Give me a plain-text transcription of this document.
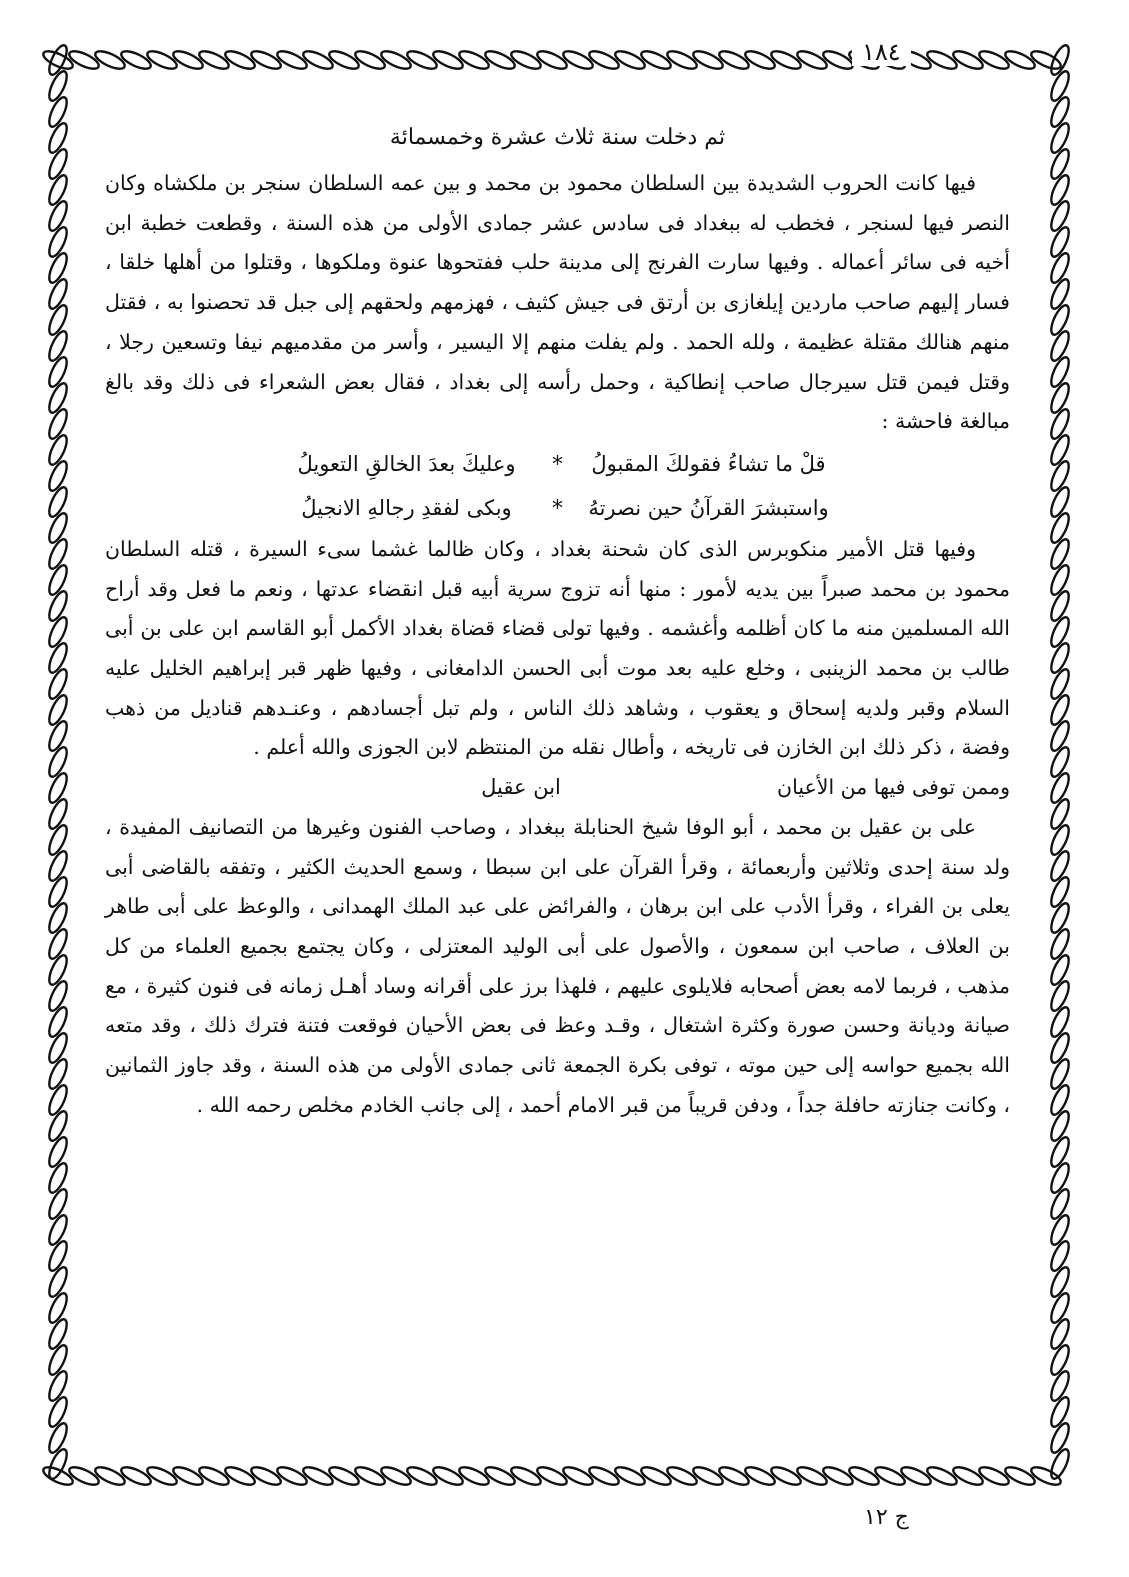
١٨٤

ثم دخلت سنة ثلاث عشرة وخمسمائة

فيها كانت الحروب الشديدة بين السلطان محمود بن محمد و بين عمه السلطان سنجر بن ملكشاه وكان النصر فيها لسنجر ، فخطب له ببغداد فى سادس عشر جمادى الأولى من هذه السنة ، وقطعت خطبة ابن أخيه فى سائر أعماله . وفيها سارت الفرنج إلى مدينة حلب ففتحوها عنوة وملكوها ، وقتلوا من أهلها خلقا ، فسار إليهم صاحب ماردين إيلغازى بن أرتق فى جيش كثيف ، فهزمهم ولحقهم إلى جبل قد تحصنوا به ، فقتل منهم هنالك مقتلة عظيمة ، ولله الحمد . ولم يفلت منهم إلا اليسير ، وأسر من مقدميهم نيفا وتسعين رجلا ، وقتل فيمن قتل سيرجال صاحب إنطاكية ، وحمل رأسه إلى بغداد ، فقال بعض الشعراء فى ذلك وقد بالغ مبالغة فاحشة :

قلْ ما تشاءُ فقولكَ المقبولُ
*
وعليكَ بعدَ الخالقِ التعويلُ
واستبشرَ القرآنُ حين نصرتهُ
*
وبكى لفقدِ رجالهِ الانجيلُ

وفيها قتل الأمير منكوبرس الذى كان شحنة بغداد ، وكان ظالما غشما سىء السيرة ، قتله السلطان محمود بن محمد صبراً بين يديه لأمور : منها أنه تزوج سرية أبيه قبل انقضاء عدتها ، ونعم ما فعل وقد أراح الله المسلمين منه ما كان أظلمه وأغشمه . وفيها تولى قضاء قضاة بغداد الأكمل أبو القاسم ابن على بن أبى طالب بن محمد الزينبى ، وخلع عليه بعد موت أبى الحسن الدامغانى ، وفيها ظهر قبر إبراهيم الخليل عليه السلام وقبر ولديه إسحاق و يعقوب ، وشاهد ذلك الناس ، ولم تبل أجسادهم ، وعنـدهم قناديل من ذهب وفضة ، ذكر ذلك ابن الخازن فى تاريخه ، وأطال نقله من المنتظم لابن الجوزى والله أعلم .

وممن توفى فيها من الأعيان
ابن عقيل

على بن عقيل بن محمد ، أبو الوفا شيخ الحنابلة ببغداد ، وصاحب الفنون وغيرها من التصانيف المفيدة ، ولد سنة إحدى وثلاثين وأربعمائة ، وقرأ القرآن على ابن سبطا ، وسمع الحديث الكثير ، وتفقه بالقاضى أبى يعلى بن الفراء ، وقرأ الأدب على ابن برهان ، والفرائض على عبد الملك الهمدانى ، والوعظ على أبى طاهر بن العلاف ، صاحب ابن سمعون ، والأصول على أبى الوليد المعتزلى ، وكان يجتمع بجميع العلماء من كل مذهب ، فربما لامه بعض أصحابه فلايلوى عليهم ، فلهذا برز على أقرانه وساد أهـل زمانه فى فنون كثيرة ، مع صيانة وديانة وحسن صورة وكثرة اشتغال ، وقـد وعظ فى بعض الأحيان فوقعت فتنة فترك ذلك ، وقد متعه الله بجميع حواسه إلى حين موته ، توفى بكرة الجمعة ثانى جمادى الأولى من هذه السنة ، وقد جاوز الثمانين ، وكانت جنازته حافلة جداً ، ودفن قريباً من قبر الامام أحمد ، إلى جانب الخادم مخلص رحمه الله .

ج ١٢
